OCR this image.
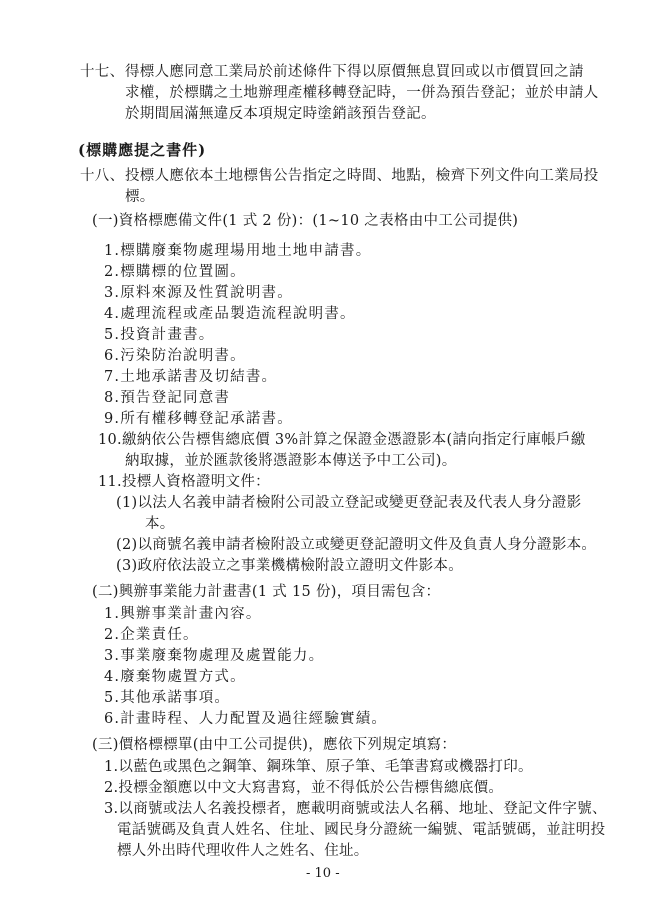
十七、 得標人應同意工業局於前述條件下得以原價無息買回或以市價買回之請
求權，於標購之土地辦理產權移轉登記時，一併為預告登記；並於申請人
於期間屆滿無違反本項規定時塗銷該預告登記。
(標購應提之書件)
十八、 投標人應依本土地標售公告指定之時間、地點，檢齊下列文件向工業局投
標。
(一)資格標應備文件(1 式 2 份)：(1~10 之表格由中工公司提供)
1.標購廢棄物處理場用地土地申請書。
2.標購標的位置圖。
3.原料來源及性質說明書。
4.處理流程或產品製造流程說明書。
5.投資計畫書。
6.污染防治說明書。
7.土地承諾書及切結書。
8.預告登記同意書
9.所有權移轉登記承諾書。
10.繳納依公告標售總底價 3%計算之保證金憑證影本(請向指定行庫帳戶繳
納取據，並於匯款後將憑證影本傳送予中工公司)。
11.投標人資格證明文件：
(1)以法人名義申請者檢附公司設立登記或變更登記表及代表人身分證影
本。
(2)以商號名義申請者檢附設立或變更登記證明文件及負責人身分證影本。
(3)政府依法設立之事業機構檢附設立證明文件影本。
(二)興辦事業能力計畫書(1 式 15 份)，項目需包含：
1.興辦事業計畫內容。
2.企業責任。
3.事業廢棄物處理及處置能力。
4.廢棄物處置方式。
5.其他承諾事項。
6.計畫時程、人力配置及過往經驗實績。
(三)價格標標單(由中工公司提供)，應依下列規定填寫：
1.以藍色或黑色之鋼筆、鋼珠筆、原子筆、毛筆書寫或機器打印。
2.投標金額應以中文大寫書寫，並不得低於公告標售總底價。
3.以商號或法人名義投標者，應載明商號或法人名稱、地址、登記文件字號、
電話號碼及負責人姓名、住址、國民身分證統一編號、電話號碼，並註明投
標人外出時代理收件人之姓名、住址。
- 10 -
